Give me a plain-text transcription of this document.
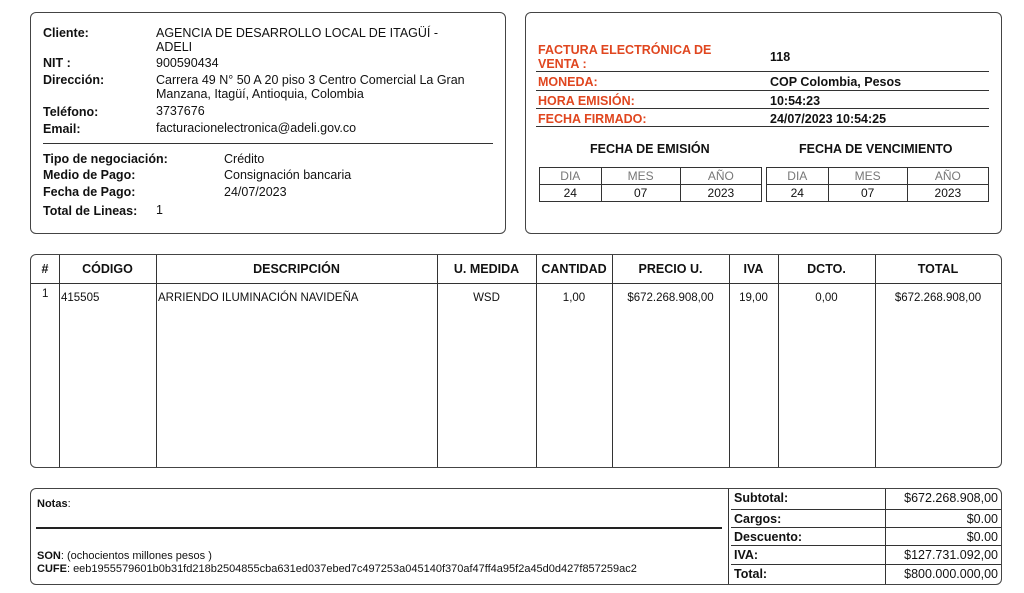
Cliente:	AGENCIA DE DESARROLLO LOCAL DE ITAGÜÍ -
ADELI
NIT :	900590434
Dirección:	Carrera 49 N° 50 A 20 piso 3 Centro Comercial La Gran
Manzana, Itagüí, Antioquia, Colombia
Teléfono:	3737676
Email:	facturacionelectronica@adeli.gov.co
Tipo de negociación:	Crédito
Medio de Pago:	Consignación bancaria
Fecha de Pago:	24/07/2023
Total de Lineas: 1
FACTURA ELECTRÓNICA DE
VENTA :	118
MONEDA:	COP Colombia, Pesos
HORA EMISIÓN:	10:54:23
FECHA FIRMADO:	24/07/2023 10:54:25
FECHA DE EMISIÓN	FECHA DE VENCIMIENTO
DIA	MES	AÑO
24	07	2023
DIA	MES	AÑO
24	07	2023
#	CÓDIGO	DESCRIPCIÓN	U. MEDIDA	CANTIDAD	PRECIO U.	IVA	DCTO.	TOTAL
1 415505	ARRIENDO ILUMINACIÓN NAVIDEÑA	WSD	1,00	$672.268.908,00	19,00	0,00	$672.268.908,00
Notas:
SON: (ochocientos millones pesos )
CUFE: eeb1955579601b0b31fd218b2504855cba631ed037ebed7c497253a045140f370af47ff4a95f2a45d0d427f857259ac2
Subtotal:	$672.268.908,00
Cargos:	$0.00
Descuento:	$0.00
IVA:	$127.731.092,00
Total:	$800.000.000,00
